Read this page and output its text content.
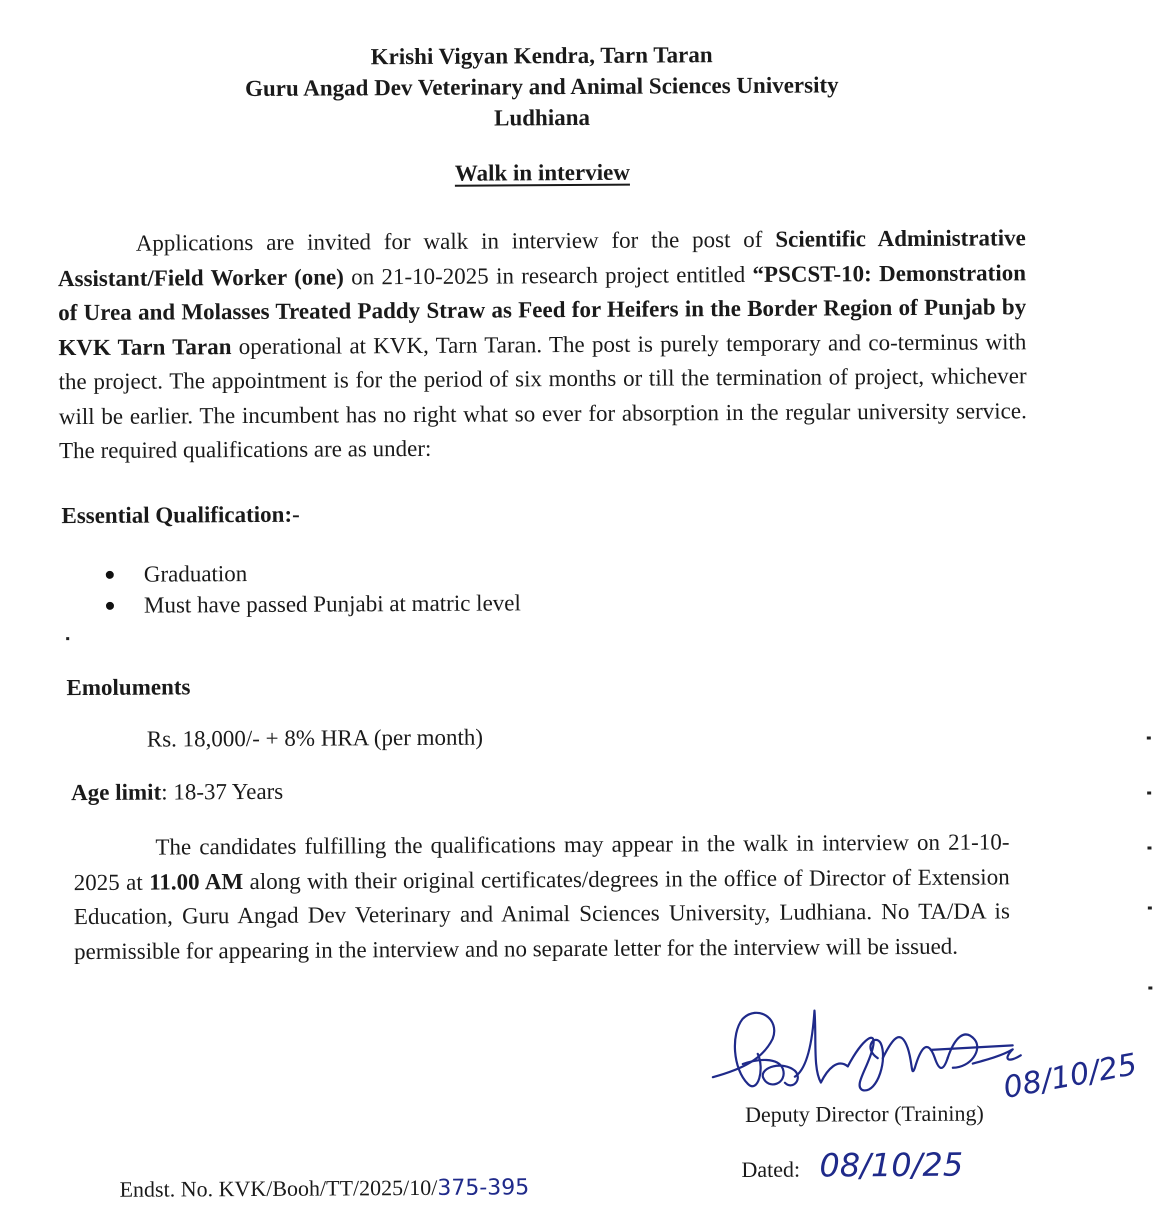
Krishi Vigyan Kendra, Tarn Taran
Guru Angad Dev Veterinary and Animal Sciences University
Ludhiana
Walk in interview
Applications are invited for walk in interview for the post of Scientific Administrative Assistant/Field Worker (one) on 21-10-2025 in research project entitled “PSCST-10: Demonstration of Urea and Molasses Treated Paddy Straw as Feed for Heifers in the Border Region of Punjab by KVK Tarn Taran operational at KVK, Tarn Taran. The post is purely temporary and co-terminus with the project. The appointment is for the period of six months or till the termination of project, whichever will be earlier. The incumbent has no right what so ever for absorption in the regular university service. The required qualifications are as under:
Essential Qualification:-
Graduation
Must have passed Punjabi at matric level
Emoluments
Rs. 18,000/- + 8% HRA (per month)
Age limit: 18-37 Years
The candidates fulfilling the qualifications may appear in the walk in interview on 21-10-2025 at 11.00 AM along with their original certificates/degrees in the office of Director of Extension Education, Guru Angad Dev Veterinary and Animal Sciences University, Ludhiana. No TA/DA is permissible for appearing in the interview and no separate letter for the interview will be issued.
08/10/25
Deputy Director (Training)
Dated: 08/10/25
Endst. No. KVK/Booh/TT/2025/10/375-395
